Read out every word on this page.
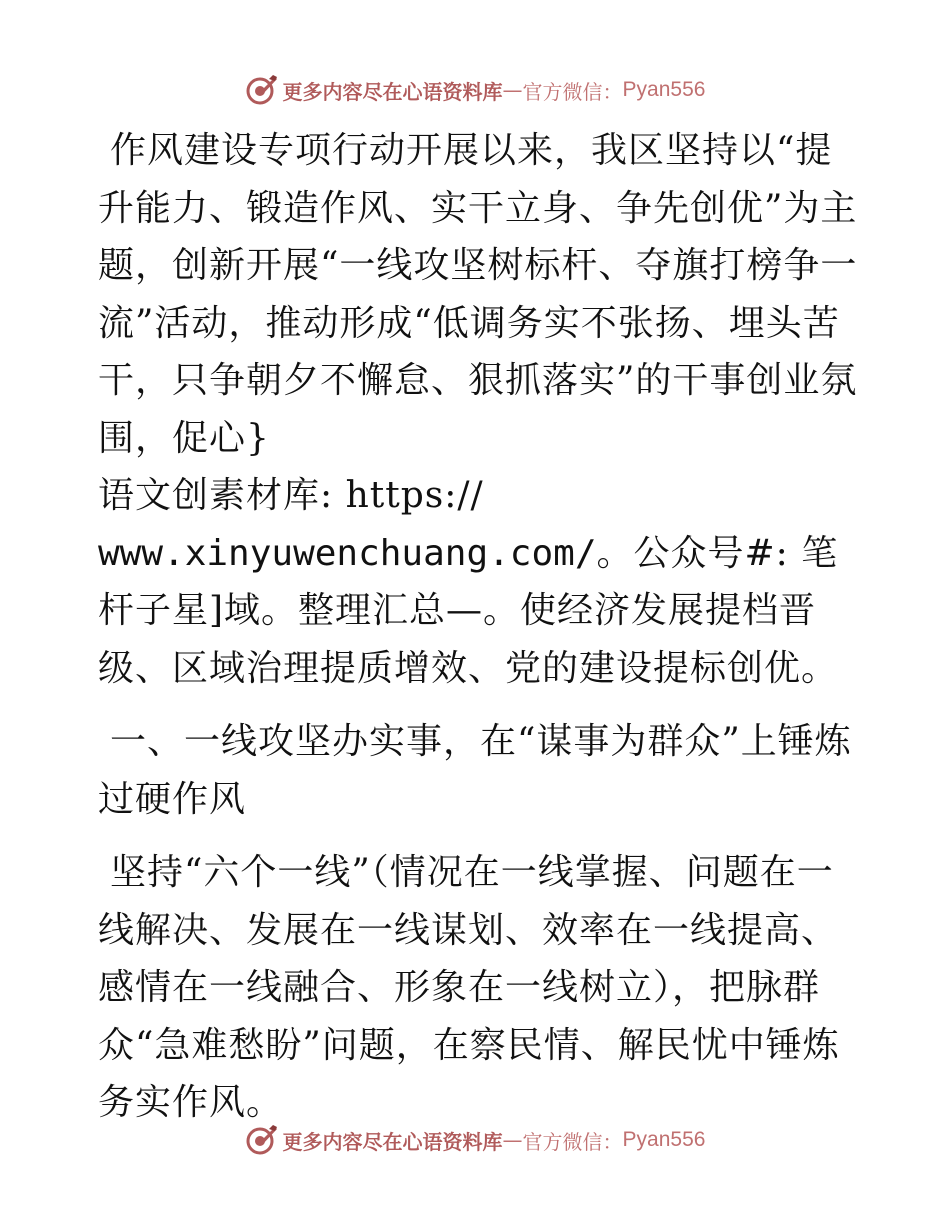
更多内容尽在心语资料库 — 官方微信： Pyan556

作风建设专项行动开展以来，我区坚持以“提升能力、锻造作风、实干立身、争先创优”为主题，创新开展“一线攻坚树标杆、夺旗打榜争一流”活动，推动形成“低调务实不张扬、埋头苦干，只争朝夕不懈怠、狠抓落实”的干事创业氛围，促心}
语文创素材库: https://
www.xinyuwenchuang.com/。公众号#: 笔杆子星]域。整理汇总—。使经济发展提档晋级、区域治理提质增效、党的建设提标创优。

一、一线攻坚办实事，在“谋事为群众”上锤炼过硬作风

坚持“六个一线”（情况在一线掌握、问题在一线解决、发展在一线谋划、效率在一线提高、感情在一线融合、形象在一线树立），把脉群众“急难愁盼”问题，在察民情、解民忧中锤炼务实作风。

更多内容尽在心语资料库 — 官方微信： Pyan556
